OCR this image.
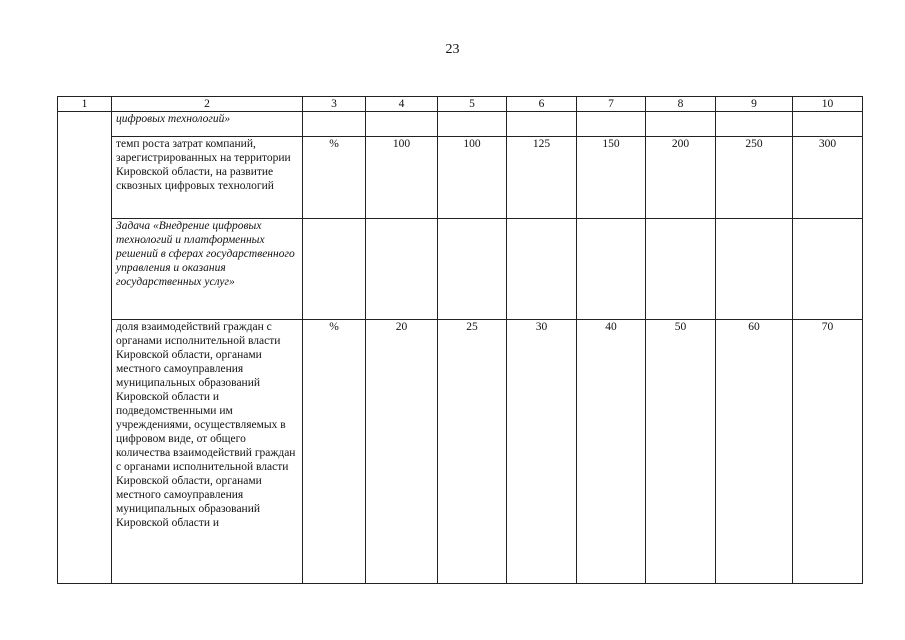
23
1	2	3	4	5	6	7	8	9	10
	цифровых технологий»								
	темп роста затрат компаний, зарегистрированных на территории Кировской области, на развитие сквозных цифровых технологий	%	100	100	125	150	200	250	300
	Задача «Внедрение цифровых технологий и платформенных решений в сферах государственного управления и оказания государственных услуг»								
	доля взаимодействий граждан с органами исполнительной власти Кировской области, органами местного самоуправления муниципальных образований Кировской области и подведомственными им учреждениями, осуществляемых в цифровом виде, от общего количества взаимодействий граждан с органами исполнительной власти Кировской области, органами местного самоуправления муниципальных образований Кировской области и	%	20	25	30	40	50	60	70
